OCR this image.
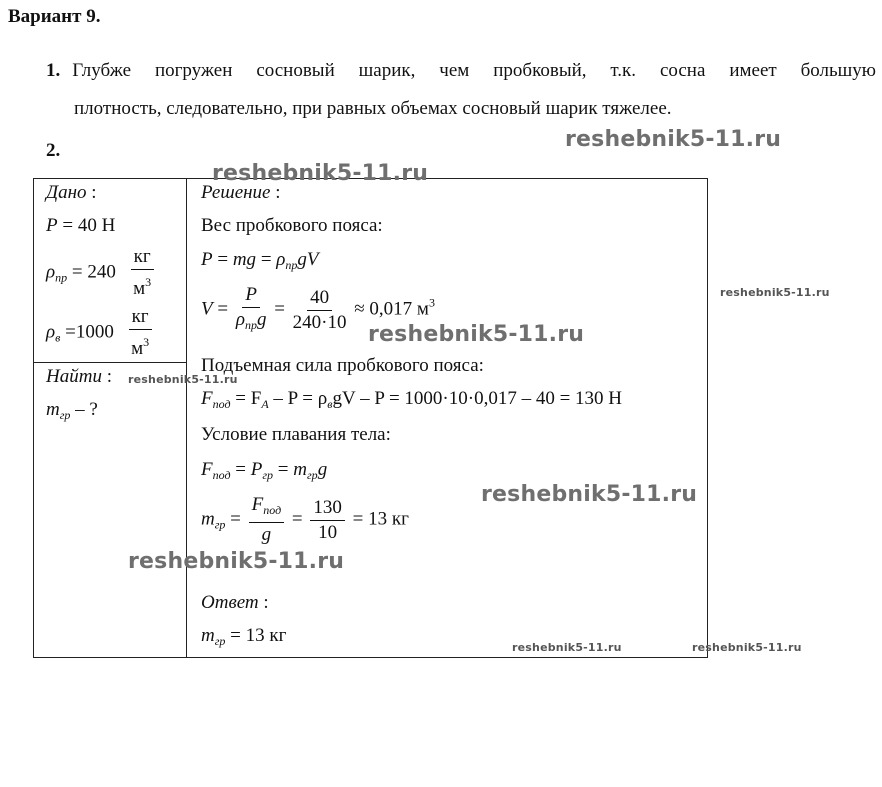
Вариант 9.
1. Глубже погружен сосновый шарик, чем пробковый, т.к. сосна имеет большую
плотность, следовательно, при равных объемах сосновый шарик тяжелее.
2.
Дано :
P = 40 Н
$\rho_{пр} = 240 \frac{кг}{м^3}$
$\rho_в =1000 \frac{кг}{м^3}$

Решение :
Вес пробкового пояса:
P = mg = $\rho_{пр}gV$
$V = \frac{P}{\rho_{пр}g} = \frac{40}{240\cdot 10} \approx 0,017$ $м^3$
Подъемная сила пробкового пояса:
$F_{под} = F_A - P = \rho_вgV - P = 1000\cdot 10\cdot 0,017 - 40 = 130$ Н
Условие плавания тела:
$F_{под} = P_{гр} = m_{гр}g$
$m_{гр} = \frac{F_{под}}{g} = \frac{130}{10} = 13$ кг
Ответ :
$m_{гр} = 13$ кг

Найти :
$m_{гр}$ – ?
reshebnik5-11.ru
reshebnik5-11.ru
reshebnik5-11.ru
reshebnik5-11.ru
reshebnik5-11.ru
reshebnik5-11.ru
reshebnik5-11.ru
reshebnik5-11.ru	reshebnik5-11.ru
